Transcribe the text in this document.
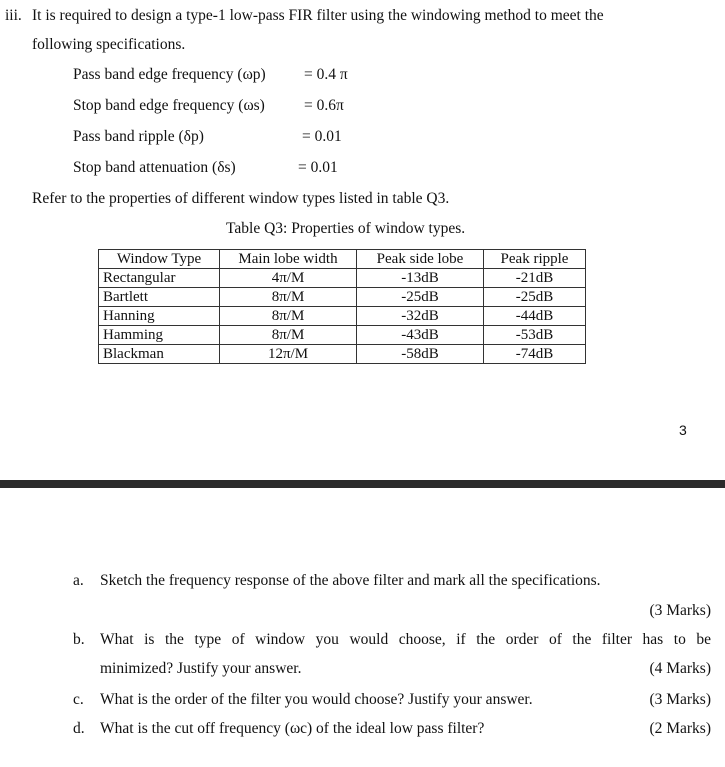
iii. It is required to design a type-1 low-pass FIR filter using the windowing method to meet the
following specifications.
Pass band edge frequency (ωp) = 0.4 π
Stop band edge frequency (ωs)	= 0.6π
Pass band ripple (δp)	= 0.01
Stop band attenuation (δs)	= 0.01
Refer to the properties of different window types listed in table Q3.
Table Q3: Properties of window types.
Window Type	Main lobe width	Peak side lobe	Peak ripple
Rectangular	4π/M	-13dB	-21dB
Bartlett	8π/M	-25dB	-25dB
Hanning	8π/M	-32dB	-44dB
Hamming	8π/M	-43dB	-53dB
Blackman	12π/M	-58dB	-74dB
3
a. Sketch the frequency response of the above filter and mark all the specifications.
(3 Marks)
b. What is the type of window you would choose, if the order of the filter has to be
minimized? Justify your answer.	(4 Marks)
c. What is the order of the filter you would choose? Justify your answer.	(3 Marks)
d. What is the cut off frequency (ωc) of the ideal low pass filter?	(2 Marks)
